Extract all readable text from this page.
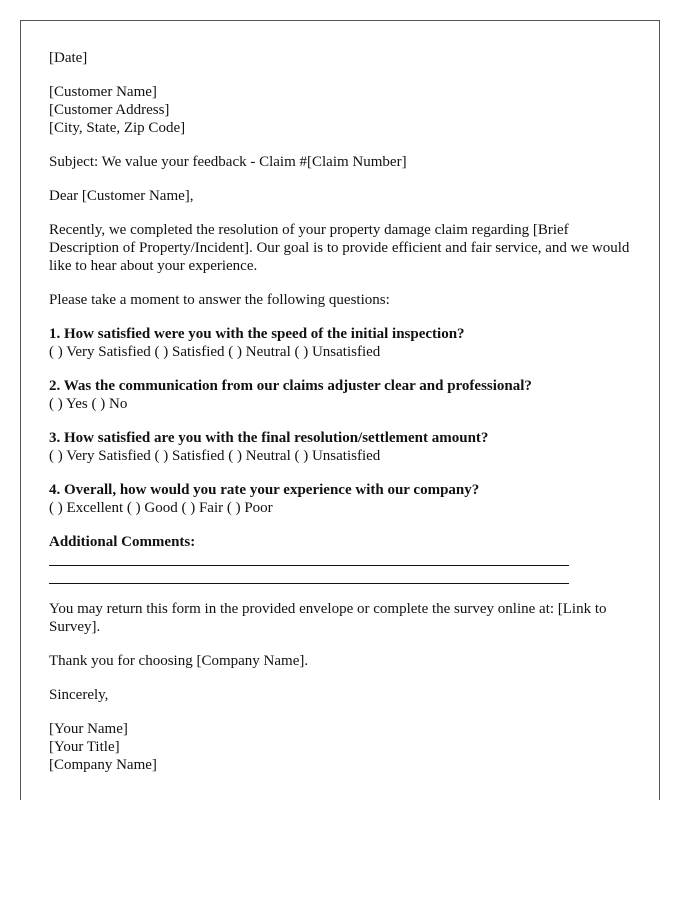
[Date]
[Customer Name]
[Customer Address]
[City, State, Zip Code]
Subject: We value your feedback - Claim #[Claim Number]
Dear [Customer Name],
Recently, we completed the resolution of your property damage claim regarding [Brief Description of Property/Incident]. Our goal is to provide efficient and fair service, and we would like to hear about your experience.
Please take a moment to answer the following questions:
1. How satisfied were you with the speed of the initial inspection?
( ) Very Satisfied ( ) Satisfied ( ) Neutral ( ) Unsatisfied
2. Was the communication from our claims adjuster clear and professional?
( ) Yes ( ) No
3. How satisfied are you with the final resolution/settlement amount?
( ) Very Satisfied ( ) Satisfied ( ) Neutral ( ) Unsatisfied
4. Overall, how would you rate your experience with our company?
( ) Excellent ( ) Good ( ) Fair ( ) Poor
Additional Comments:
You may return this form in the provided envelope or complete the survey online at: [Link to Survey].
Thank you for choosing [Company Name].
Sincerely,
[Your Name]
[Your Title]
[Company Name]
